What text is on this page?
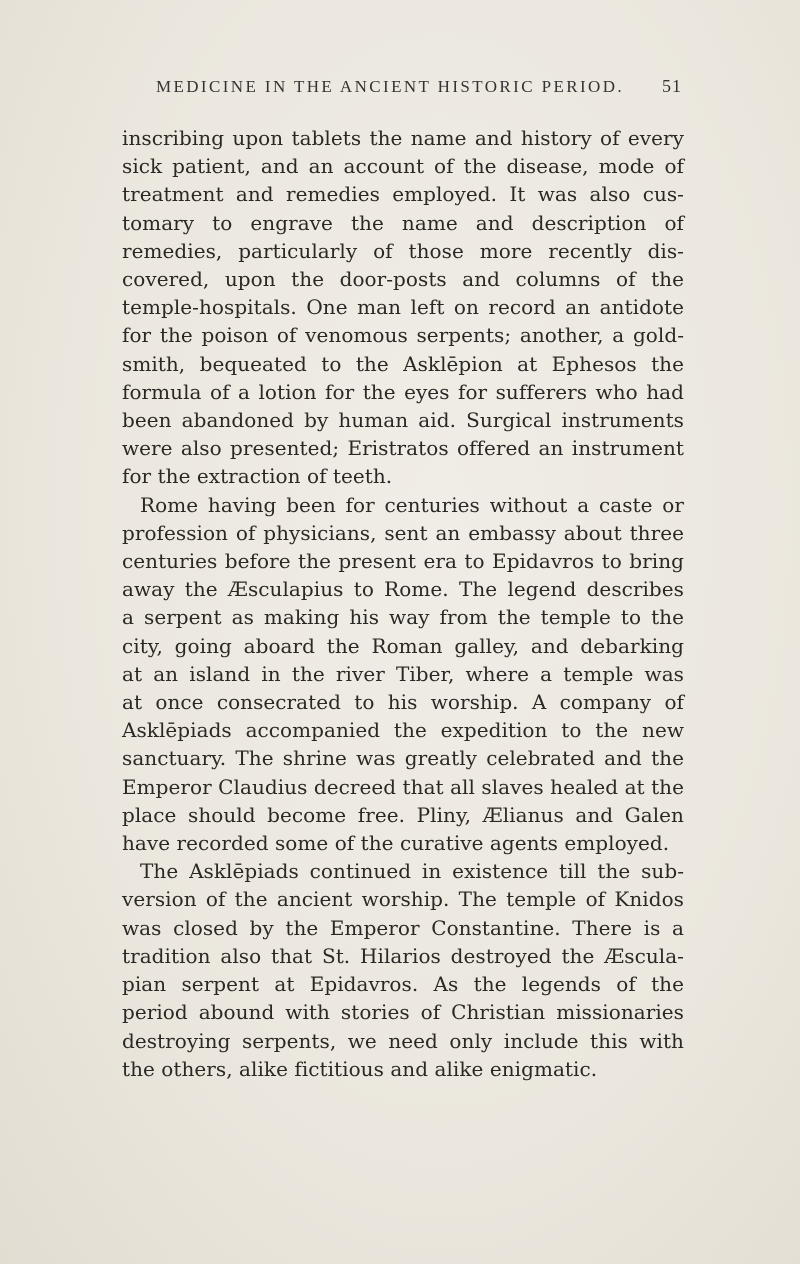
MEDICINE IN THE ANCIENT HISTORIC PERIOD.	51
inscribing upon tablets the name and history of every
sick patient, and an account of the disease, mode of
treatment and remedies employed. It was also cus-
tomary to engrave the name and description of
remedies, particularly of those more recently dis-
covered, upon the door-posts and columns of the
temple-hospitals. One man left on record an antidote
for the poison of venomous serpents; another, a gold-
smith, bequeated to the Asklēpion at Ephesos the
formula of a lotion for the eyes for sufferers who had
been abandoned by human aid. Surgical instruments
were also presented; Eristratos offered an instrument
for the extraction of teeth.
Rome having been for centuries without a caste or
profession of physicians, sent an embassy about three
centuries before the present era to Epidavros to bring
away the Æsculapius to Rome. The legend describes
a serpent as making his way from the temple to the
city, going aboard the Roman galley, and debarking
at an island in the river Tiber, where a temple was
at once consecrated to his worship. A company of
Asklēpiads accompanied the expedition to the new
sanctuary. The shrine was greatly celebrated and the
Emperor Claudius decreed that all slaves healed at the
place should become free. Pliny, Ælianus and Galen
have recorded some of the curative agents employed.
The Asklēpiads continued in existence till the sub-
version of the ancient worship. The temple of Knidos
was closed by the Emperor Constantine. There is a
tradition also that St. Hilarios destroyed the Æscula-
pian serpent at Epidavros. As the legends of the
period abound with stories of Christian missionaries
destroying serpents, we need only include this with
the others, alike fictitious and alike enigmatic.
